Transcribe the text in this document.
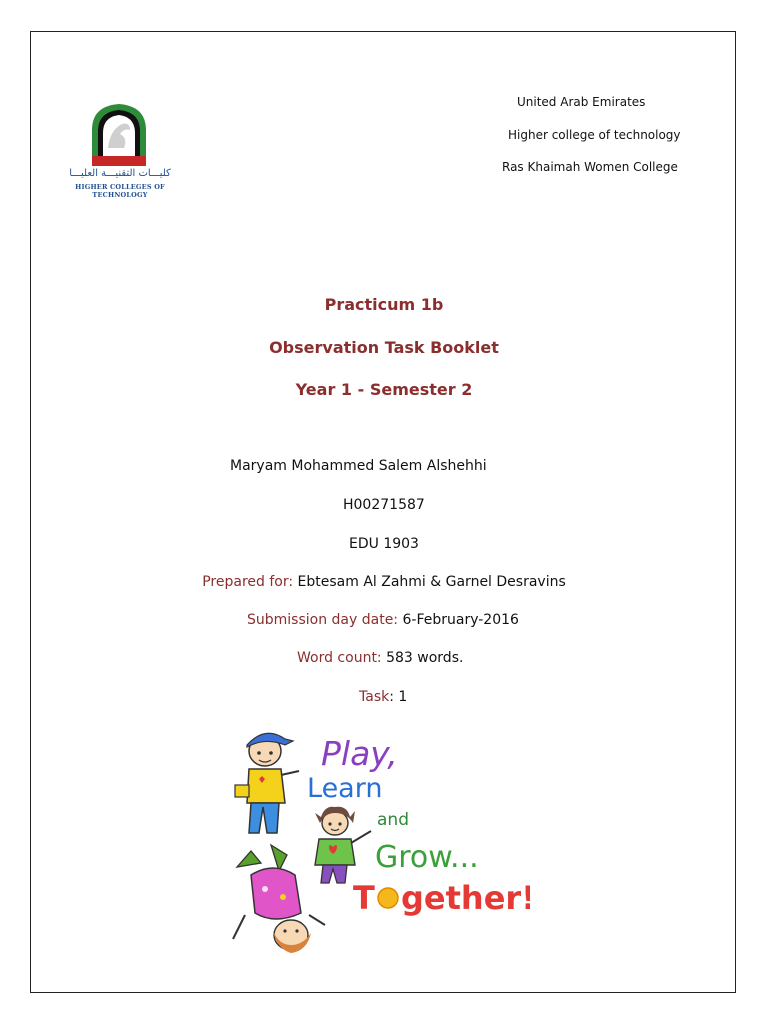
كليـــات التقنيـــة العليـــا
HIGHER COLLEGES OF TECHNOLOGY
United Arab Emirates
Higher college of technology
Ras Khaimah Women College
Practicum 1b
Observation Task Booklet
Year 1 - Semester 2
Maryam Mohammed Salem Alshehhi
H00271587
EDU 1903
Prepared for: Ebtesam Al Zahmi & Garnel Desravins
Submission day date: 6-February-2016
Word count: 583 words.
Task: 1
Play,
Learn
and
Grow...
T gether!
